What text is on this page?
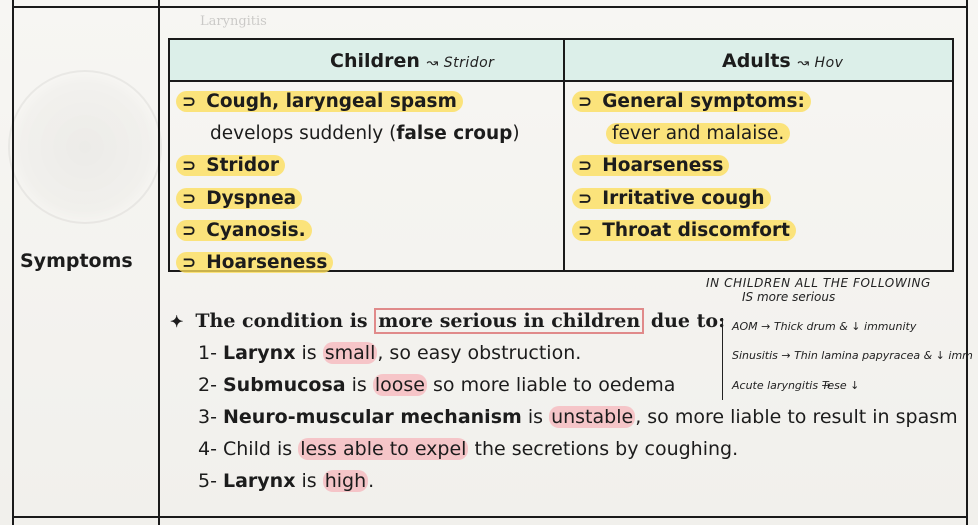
Laryngitis
Symptoms
Children ↝ Stridor	Adults ↝ Hov
⊃ Cough, laryngeal spasm
develops suddenly (false croup)
⊃ Stridor
⊃ Dyspnea
⊃ Cyanosis.
⊃ Hoarseness
⊃ General symptoms:
fever and malaise.
⊃ Hoarseness
⊃ Irritative cough
⊃ Throat discomfort
✦ The condition is more serious in children due to:
1- Larynx is small , so easy obstruction.
2- Submucosa is loose so more liable to oedema
3- Neuro-muscular mechanism is unstable , so more liable to result in spasm
4- Child is less able to expel the secretions by coughing.
5- Larynx is high .
IN CHILDREN ALL THE FOLLOWING
IS more serious
AOM → Thick drum & ↓ immunity
Sinusitis → Thin lamina papyracea & ↓ imm
Acute laryngitis →
Tese ↓
